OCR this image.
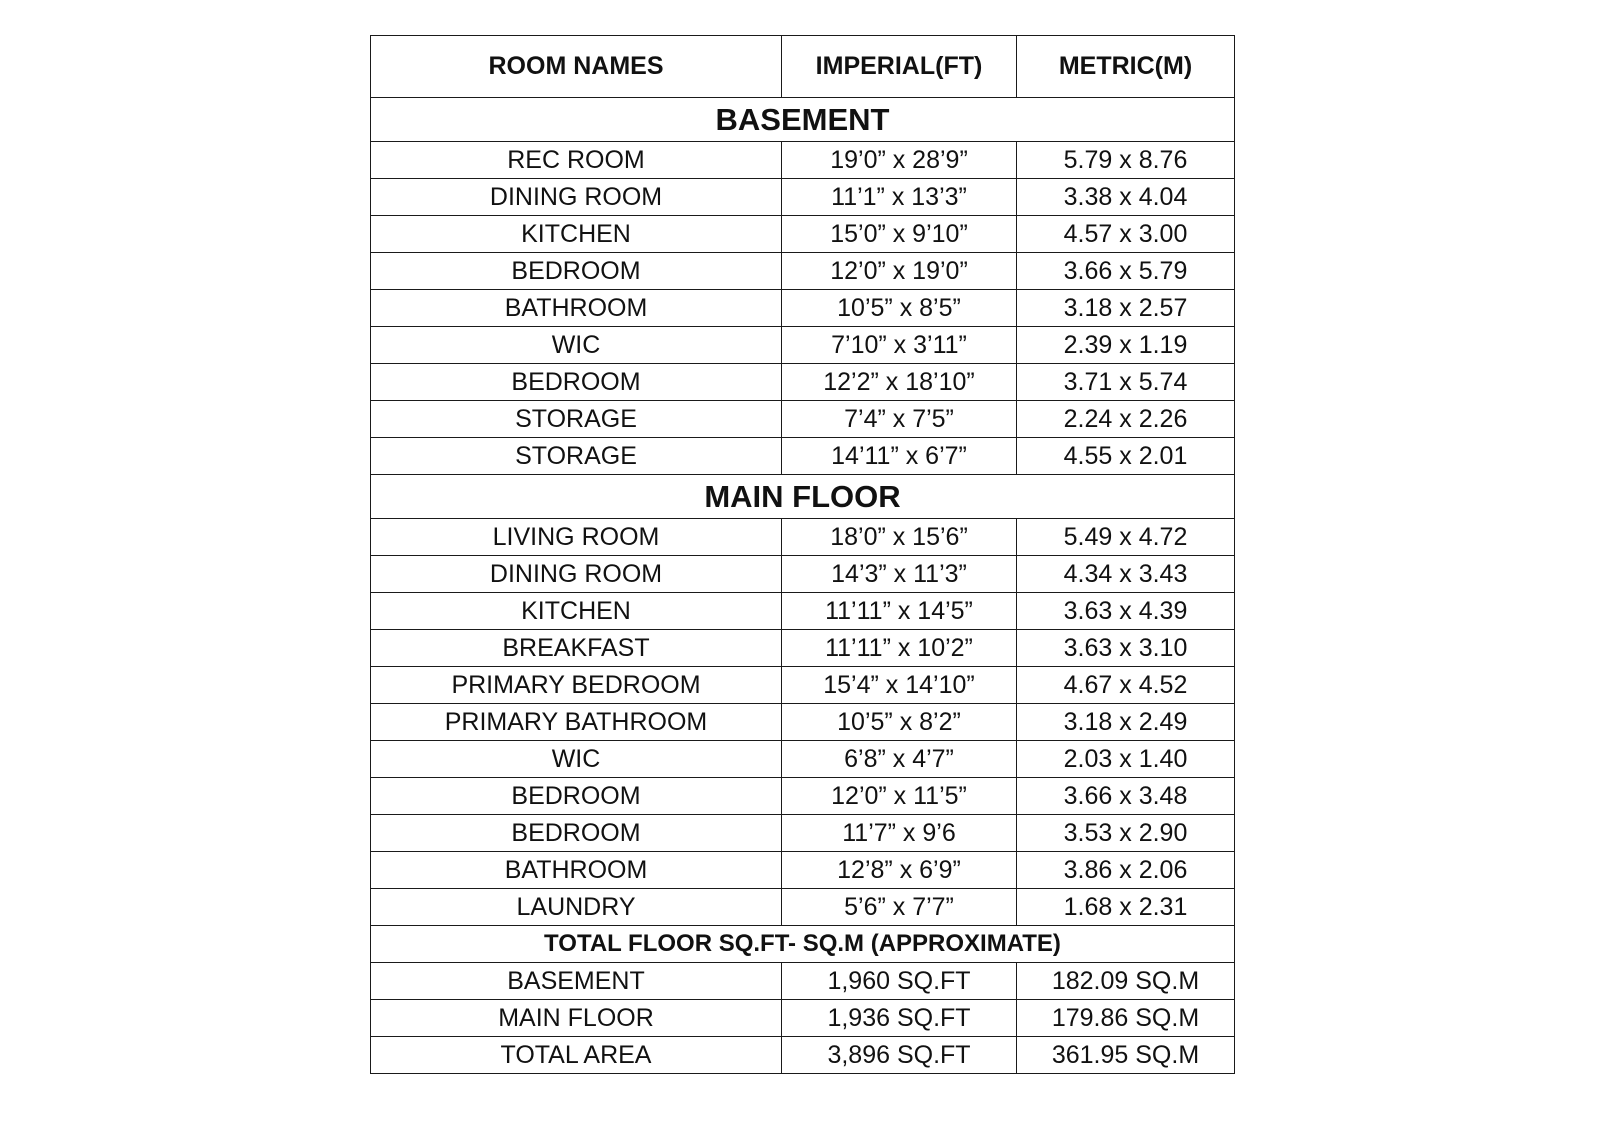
ROOM NAMES	IMPERIAL(FT)	METRIC(M)
BASEMENT		
REC ROOM	19’0” x 28’9”	5.79 x 8.76
DINING ROOM	11’1” x 13’3”	3.38 x 4.04
KITCHEN	15’0” x 9’10”	4.57 x 3.00
BEDROOM	12’0” x 19’0”	3.66 x 5.79
BATHROOM	10’5” x 8’5”	3.18 x 2.57
WIC	7’10” x 3’11”	2.39 x 1.19
BEDROOM	12’2” x 18’10”	3.71 x 5.74
STORAGE	7’4” x 7’5”	2.24 x 2.26
STORAGE	14’11” x 6’7”	4.55 x 2.01
MAIN FLOOR		
LIVING ROOM	18’0” x 15’6”	5.49 x 4.72
DINING ROOM	14’3” x 11’3”	4.34 x 3.43
KITCHEN	11’11” x 14’5”	3.63 x 4.39
BREAKFAST	11’11” x 10’2”	3.63 x 3.10
PRIMARY BEDROOM	15’4” x 14’10”	4.67 x 4.52
PRIMARY BATHROOM	10’5” x 8’2”	3.18 x 2.49
WIC	6’8” x 4’7”	2.03 x 1.40
BEDROOM	12’0” x 11’5”	3.66 x 3.48
BEDROOM	11’7” x 9’6	3.53 x 2.90
BATHROOM	12’8” x 6’9”	3.86 x 2.06
LAUNDRY	5’6” x 7’7”	1.68 x 2.31
TOTAL FLOOR SQ.FT- SQ.M (APPROXIMATE)		
BASEMENT	1,960 SQ.FT	182.09 SQ.M
MAIN FLOOR	1,936 SQ.FT	179.86 SQ.M
TOTAL AREA	3,896 SQ.FT	361.95 SQ.M
